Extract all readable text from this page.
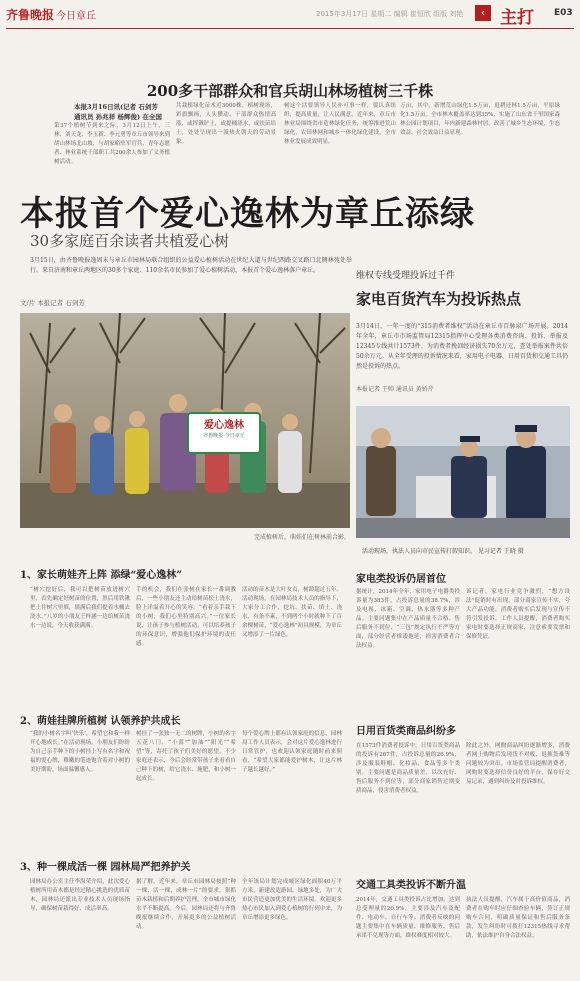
齐鲁晚报 今日章丘	2015年3月17日 星期二 编辑 崔恒欣 组版 刘艳	‹ 主打 E03
200多干部群众和官兵胡山林场植树三千株
本报3月16日讯(记者 石剑芳
通讯员 孙兆祥 杨辉俊) 在全国
第37个植树节到来之际，3月12日上午，三林、刘天龙、李玉新、李元勇等章丘市领导来到胡山林场北山坡，与胡家峪驻军官兵、青年志愿者、林业系统干部职工共200余人参加了义务植树活动。
共栽植绿化苗木近3000株。植树现场，彩旗飘扬，人头攒动，干部群众热情高涨，或挥锹铲土，或提桶浇水，或扶苗培土，处处呈现出一派热火朝天的劳动景象。
树这个活要领导人民亦可事一样，要认真组织，提高质量，让人民满意。近年来，章丘市林业局围绕省市造林绿化任务，统筹推进荒山绿化、农田林网和城乡一体化绿化建设，全市林业发展成效明显。
万亩，其中，新增荒山绿化1.5万亩，退耕还林1.5万亩，平原绿化1.5万亩。全市林木覆盖率达到35%，实施了山东省千里国家森林公园计划项目，年内新建森林村居，改善了城乡生态环境，生态效益、社会效益日益显现。
本报首个爱心逸林为章丘添绿
30多家庭百余读者共植爱心树
3月15日，由齐鲁晚报逸周末与章丘市园林局联合组织的公益爱心植树活动在世纪大道与世纪西路交叉路口北侧林苑处举行。来自济南和章丘两地区的30多个家庭、110余名市民参加了爱心植树活动，本报首个爱心逸林落户章丘。
文/片 本报记者 石剑芳
爱心逸林
齐鲁晚报·今日章丘
完成植树后，萌娃们在树林前合影。
1、家长萌娃齐上阵 添绿“爱心逸林”
“树穴挖好后，我可以把树苗放进树穴里，首先确定好树苗的位置，然后用铁锹把土往树穴里填，填满后我们提着水桶去浇水。”八岁的小朋友王梓涵一边给树苗浇水一边说，今天收获满满。
手的机会，我们在张树在家长一番调教后，一些小朋友还主动给树苗松土浇水，脸上洋溢着开心的笑容。“看着亲手栽下的小树，我们心里特别高兴。”一位家长说，让孩子参与植树活动，可以培养孩子的环保意识，增强他们保护环境的责任感。
活动的苗木是大叶女贞，树龄超过五年。活动现场，在园林局技术人员的指导下，大家分工合作，挖坑、扶苗、填土、浇水，有条不紊，不到两个小时就种下了百余棵树苗，“爱心逸林”初具规模，为章丘又增添了一片绿色。
2、萌娃挂牌所植树 认领养护共成长
“我的小树名字叫‘快乐’，希望它和我一样开心地成长。”在活动现场，小朋友们纷纷为自己亲手种下的小树挂上写有名字和祝福的爱心牌，稚嫩的笔迹饱含着对小树的美好期盼，场面温馨感人。
树挂了一张独一无二的树牌，小树的名字五花八门，“小蓝”“加油”“阳光”“希望”等，寄托了孩子们美好的愿望。不少家庭还表示，今后会经常带孩子来看看自己种下的树，给它浇水、施肥，和小树一起成长。
每个爱心牌上都有认领家庭的信息，园林局工作人员表示，会对这片爱心逸林进行日常管护，也欢迎认领家庭随时前来照看，“希望大家都能爱护树木，让这片林子越长越好。”
3、种一棵成活一棵 园林局严把养护关
园林局办公室主任李海荣介绍，此次爱心植树所用苗木都是经过精心挑选的优质苗木，园林局还派出专业技术人员现场指导，确保树苗栽得好、成活率高。
据了解，近年来，章丘市园林局按照“种一棵、活一棵、成林一片”的要求，狠抓苗木栽植和后期养护管理，全市城市绿化水平不断提高。今后，园林局还将与齐鲁晚报继续合作，开展更多的公益植树活动。
全年该局计划完成城区绿化面积40万平方米，新建改造游园、绿地多处，为广大市民营造更加优美的生活环境。欢迎更多热心市民加入到爱心植树的行列中来，为章丘增添更多绿色。
维权专线受理投诉过千件
家电百货汽车为投诉热点
3月14日，一年一度的“315消费者维权”活动在章丘市百脉泉广场开展。2014年全年，章丘市市场监管局12315指挥中心受理各类消费咨询、投诉、举报及12345专线共计1573件，为消费者挽回经济损失70余万元，查处举报案件共倍50余万元。从全年受理的投诉情况来看，家用电子电器、日用百货和交通工具仍然是投诉的热点。
本报记者 王帅 通讯员 黄娇芹
活动现场，执法人员向市民宣传打假知识。 见习记者 王晓 摄
家电类投诉仍居首位
据统计，2014年全年，家用电子电器类投诉量为383件，占投诉总量的38.7%，涉及电视、冰箱、空调、热水器等多种产品。主要问题集中在产品质量不合格、售后服务不到位、“三包”规定执行不严等方面，部分经营者推诿拖延，损害消费者合法权益。
诉记者，家电行业竞争激烈，“想方设法”促销时有出现，部分商家宣传不实，夸大产品功能，消费者购买后发现与宣传不符引发投诉。工作人员提醒，消费者购买家电时要选择正规商家，注意索要发票和保修凭证。
日用百货类商品纠纷多
在1573件消费者投诉中，日用百货类商品的投诉有267件，占投诉总量的26.9%，涉及服装鞋帽、化妆品、食品等多个类别。主要问题是商品质量差、以次充好、售后服务不到位等，部分商家销售过期变质商品，侵害消费者权益。
除此之外，网购商品纠纷逐渐增多，消费者网上购物后发现货不对板、退换货难等问题较为突出。市场监管局提醒消费者，网购时要选择信誉良好的平台，保存好交易记录，遇到纠纷及时投诉维权。
交通工具类投诉不断升温
2014年，交通工具类投诉占比增加，达到总受理量的20.9%，主要涉及汽车及配件、电动车、自行车等。消费者反映的问题主要集中在车辆质量、维修服务、售后承诺不兑现等方面，维权难度相对较大。
执法人员提醒，汽车属于高价值商品，消费者在购车时应仔细查验车辆，签订正规购车合同，明确质量保证和售后服务条款，发生纠纷时可拨打12315热线寻求帮助，依法维护自身合法权益。
